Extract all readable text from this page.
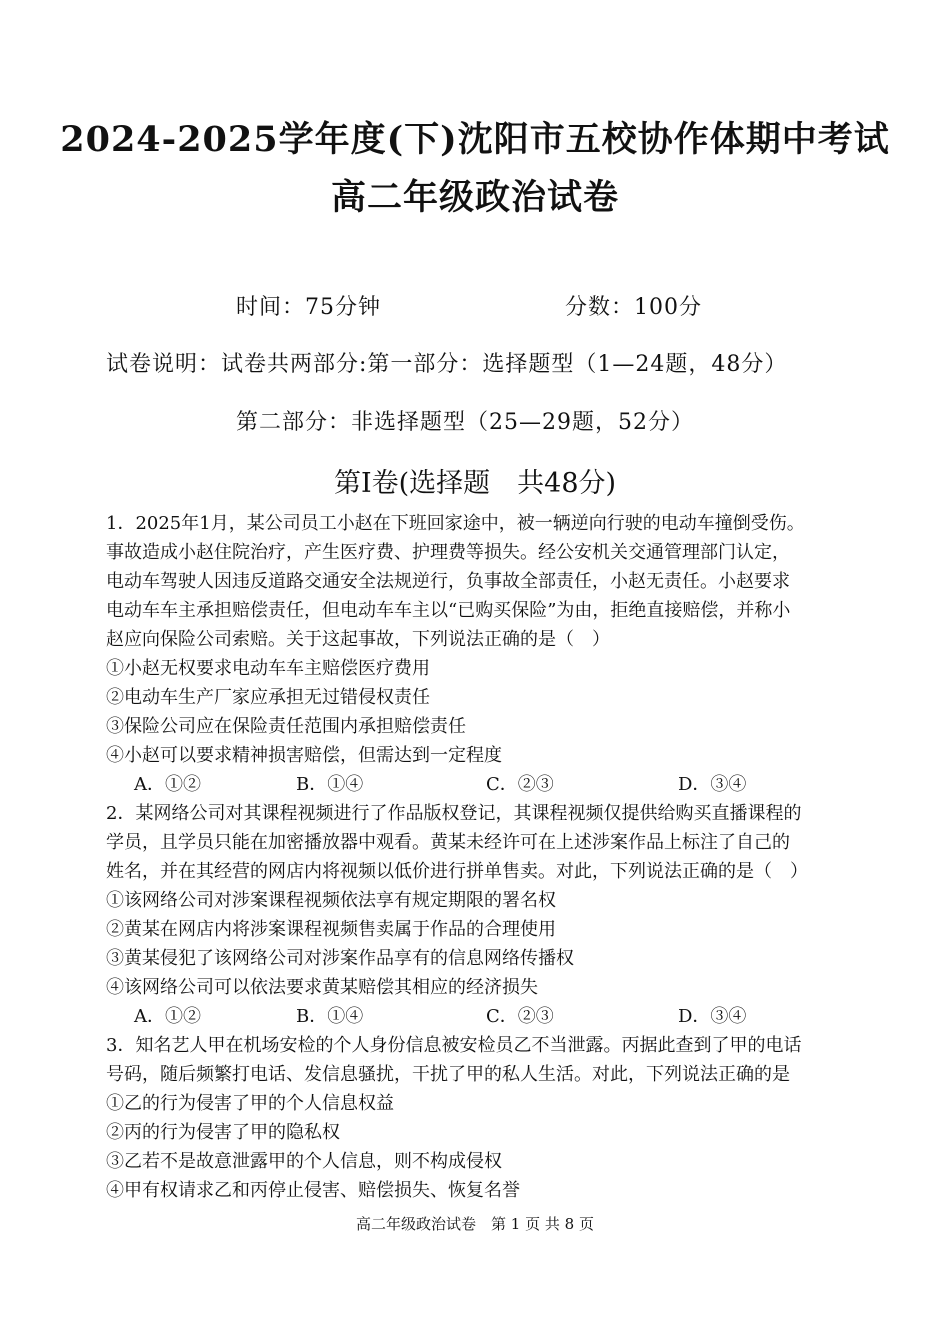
2024-2025学年度(下)沈阳市五校协作体期中考试
高二年级政治试卷
时间：75分钟	分数：100分
试卷说明：试卷共两部分:第一部分：选择题型（1—24题，48分）
第二部分：非选择题型（25—29题，52分）
第Ⅰ卷(选择题　共48分)
1．2025年1月，某公司员工小赵在下班回家途中，被一辆逆向行驶的电动车撞倒受伤。
事故造成小赵住院治疗，产生医疗费、护理费等损失。经公安机关交通管理部门认定，
电动车驾驶人因违反道路交通安全法规逆行，负事故全部责任，小赵无责任。小赵要求
电动车车主承担赔偿责任，但电动车车主以“已购买保险”为由，拒绝直接赔偿，并称小
赵应向保险公司索赔。关于这起事故，下列说法正确的是（　）
①小赵无权要求电动车车主赔偿医疗费用
②电动车生产厂家应承担无过错侵权责任
③保险公司应在保险责任范围内承担赔偿责任
④小赵可以要求精神损害赔偿，但需达到一定程度
A．①②	B．①④	C．②③	D．③④
2．某网络公司对其课程视频进行了作品版权登记，其课程视频仅提供给购买直播课程的
学员，且学员只能在加密播放器中观看。黄某未经许可在上述涉案作品上标注了自己的
姓名，并在其经营的网店内将视频以低价进行拼单售卖。对此，下列说法正确的是（　）
①该网络公司对涉案课程视频依法享有规定期限的署名权
②黄某在网店内将涉案课程视频售卖属于作品的合理使用
③黄某侵犯了该网络公司对涉案作品享有的信息网络传播权
④该网络公司可以依法要求黄某赔偿其相应的经济损失
A．①②	B．①④	C．②③	D．③④
3．知名艺人甲在机场安检的个人身份信息被安检员乙不当泄露。丙据此查到了甲的电话
号码，随后频繁打电话、发信息骚扰，干扰了甲的私人生活。对此，下列说法正确的是
①乙的行为侵害了甲的个人信息权益
②丙的行为侵害了甲的隐私权
③乙若不是故意泄露甲的个人信息，则不构成侵权
④甲有权请求乙和丙停止侵害、赔偿损失、恢复名誉
高二年级政治试卷　第 1 页 共 8 页
